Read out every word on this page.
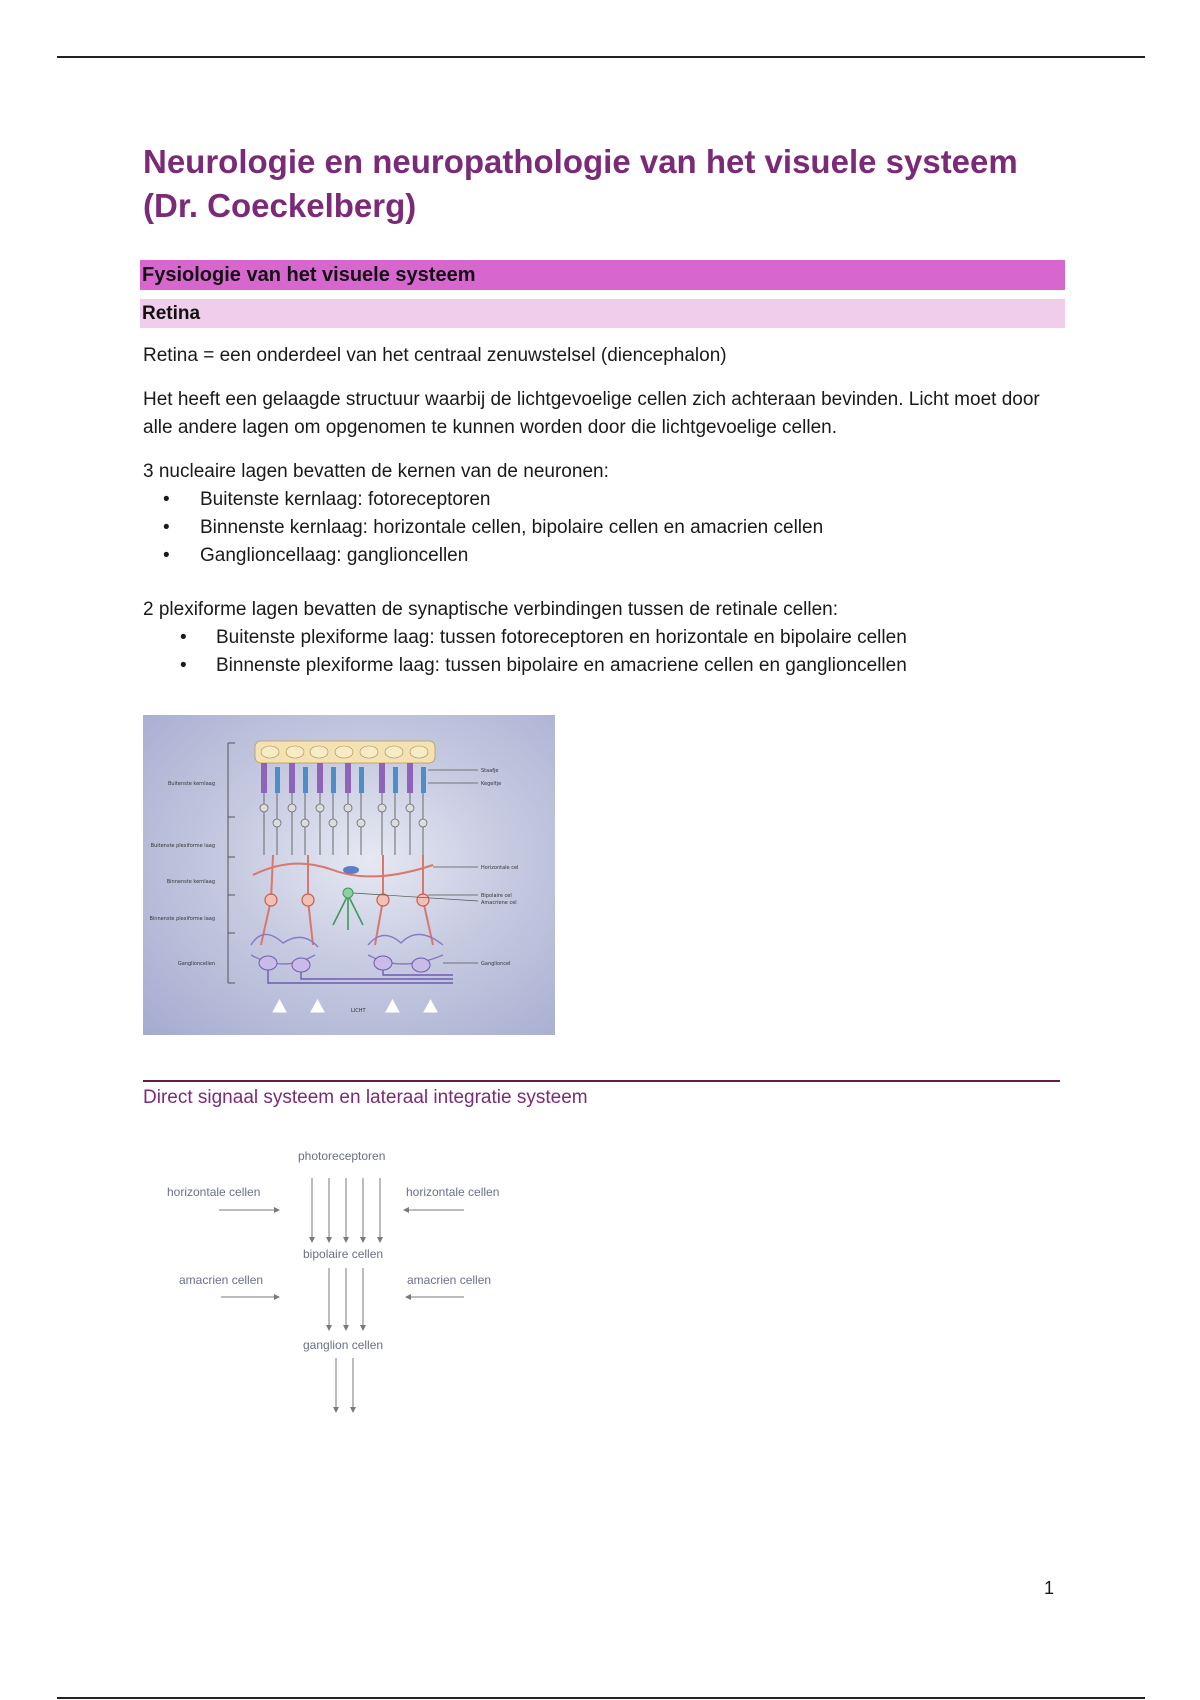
Neurologie en neuropathologie van het visuele systeem (Dr. Coeckelberg)
Fysiologie van het visuele systeem
Retina

Retina = een onderdeel van het centraal zenuwstelsel (diencephalon)

Het heeft een gelaagde structuur waarbij de lichtgevoelige cellen zich achteraan bevinden. Licht moet door alle andere lagen om opgenomen te kunnen worden door die lichtgevoelige cellen.

3 nucleaire lagen bevatten de kernen van de neuronen:

• Buitenste kernlaag: fotoreceptoren
• Binnenste kernlaag: horizontale cellen, bipolaire cellen en amacrien cellen
• Ganglioncellaag: ganglioncellen

2 plexiforme lagen bevatten de synaptische verbindingen tussen de retinale cellen:

• Buitenste plexiforme laag: tussen fotoreceptoren en horizontale en bipolaire cellen
• Binnenste plexiforme laag: tussen bipolaire en amacriene cellen en ganglioncellen
Buitenste kernlaag
Buitenste plexiforme laag
Binnenste kernlaag
Binnenste plexiforme laag
Ganglioncellen
Staafje
Kegeltje
Horizontale cel
Bipolaire cel
Amacriene cel
Ganglioncel
LICHT
Direct signaal systeem en lateraal integratie systeem
photoreceptoren
horizontale cellen	horizontale cellen
bipolaire cellen
amacrien cellen	amacrien cellen
ganglion cellen
1
